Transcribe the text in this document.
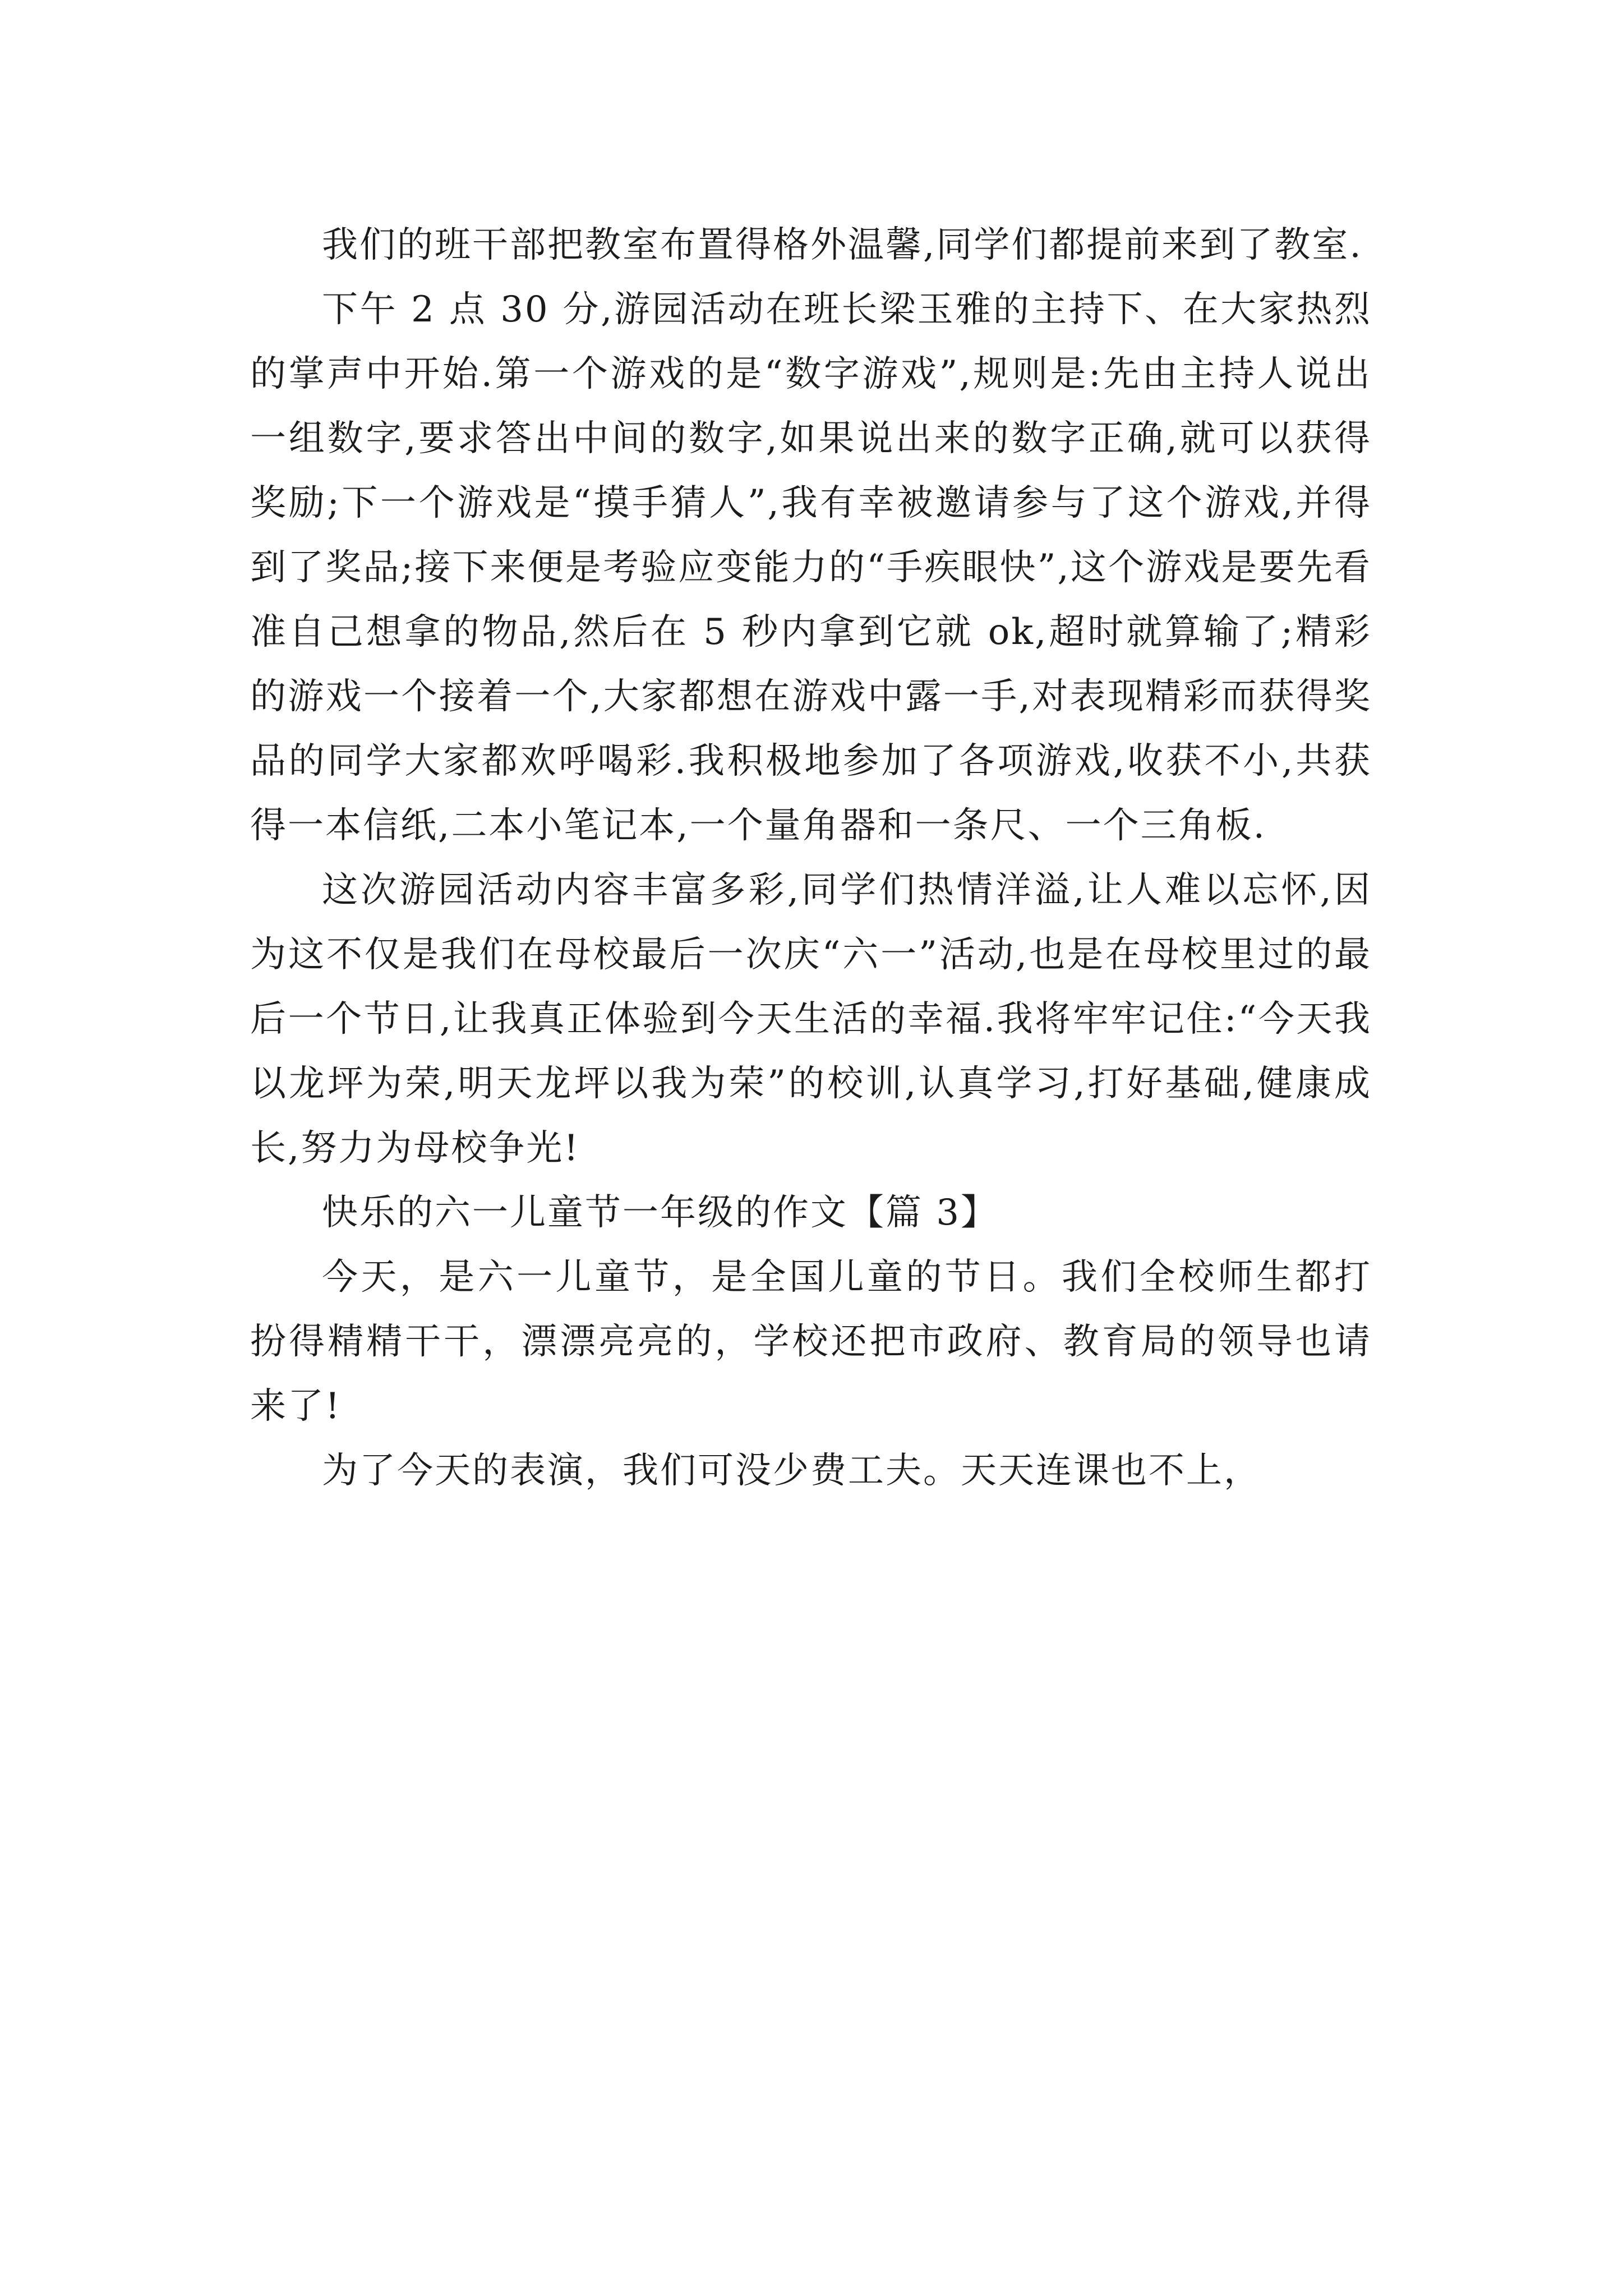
我们的班干部把教室布置得格外温馨,同学们都提前来到了教室.

下午 2 点 30 分,游园活动在班长梁玉雅的主持下、在大家热烈的掌声中开始.第一个游戏的是“数字游戏”,规则是:先由主持人说出一组数字,要求答出中间的数字,如果说出来的数字正确,就可以获得奖励;下一个游戏是“摸手猜人”,我有幸被邀请参与了这个游戏,并得到了奖品;接下来便是考验应变能力的“手疾眼快”,这个游戏是要先看准自己想拿的物品,然后在 5 秒内拿到它就 ok,超时就算输了;精彩的游戏一个接着一个,大家都想在游戏中露一手,对表现精彩而获得奖品的同学大家都欢呼喝彩.我积极地参加了各项游戏,收获不小,共获得一本信纸,二本小笔记本,一个量角器和一条尺、一个三角板.

这次游园活动内容丰富多彩,同学们热情洋溢,让人难以忘怀,因为这不仅是我们在母校最后一次庆“六一”活动,也是在母校里过的最后一个节日,让我真正体验到今天生活的幸福.我将牢牢记住:“今天我以龙坪为荣,明天龙坪以我为荣”的校训,认真学习,打好基础,健康成长,努力为母校争光!

快乐的六一儿童节一年级的作文【篇 3】

今天，是六一儿童节，是全国儿童的节日。我们全校师生都打扮得精精干干，漂漂亮亮的，学校还把市政府、教育局的领导也请来了!

为了今天的表演，我们可没少费工夫。天天连课也不上，
